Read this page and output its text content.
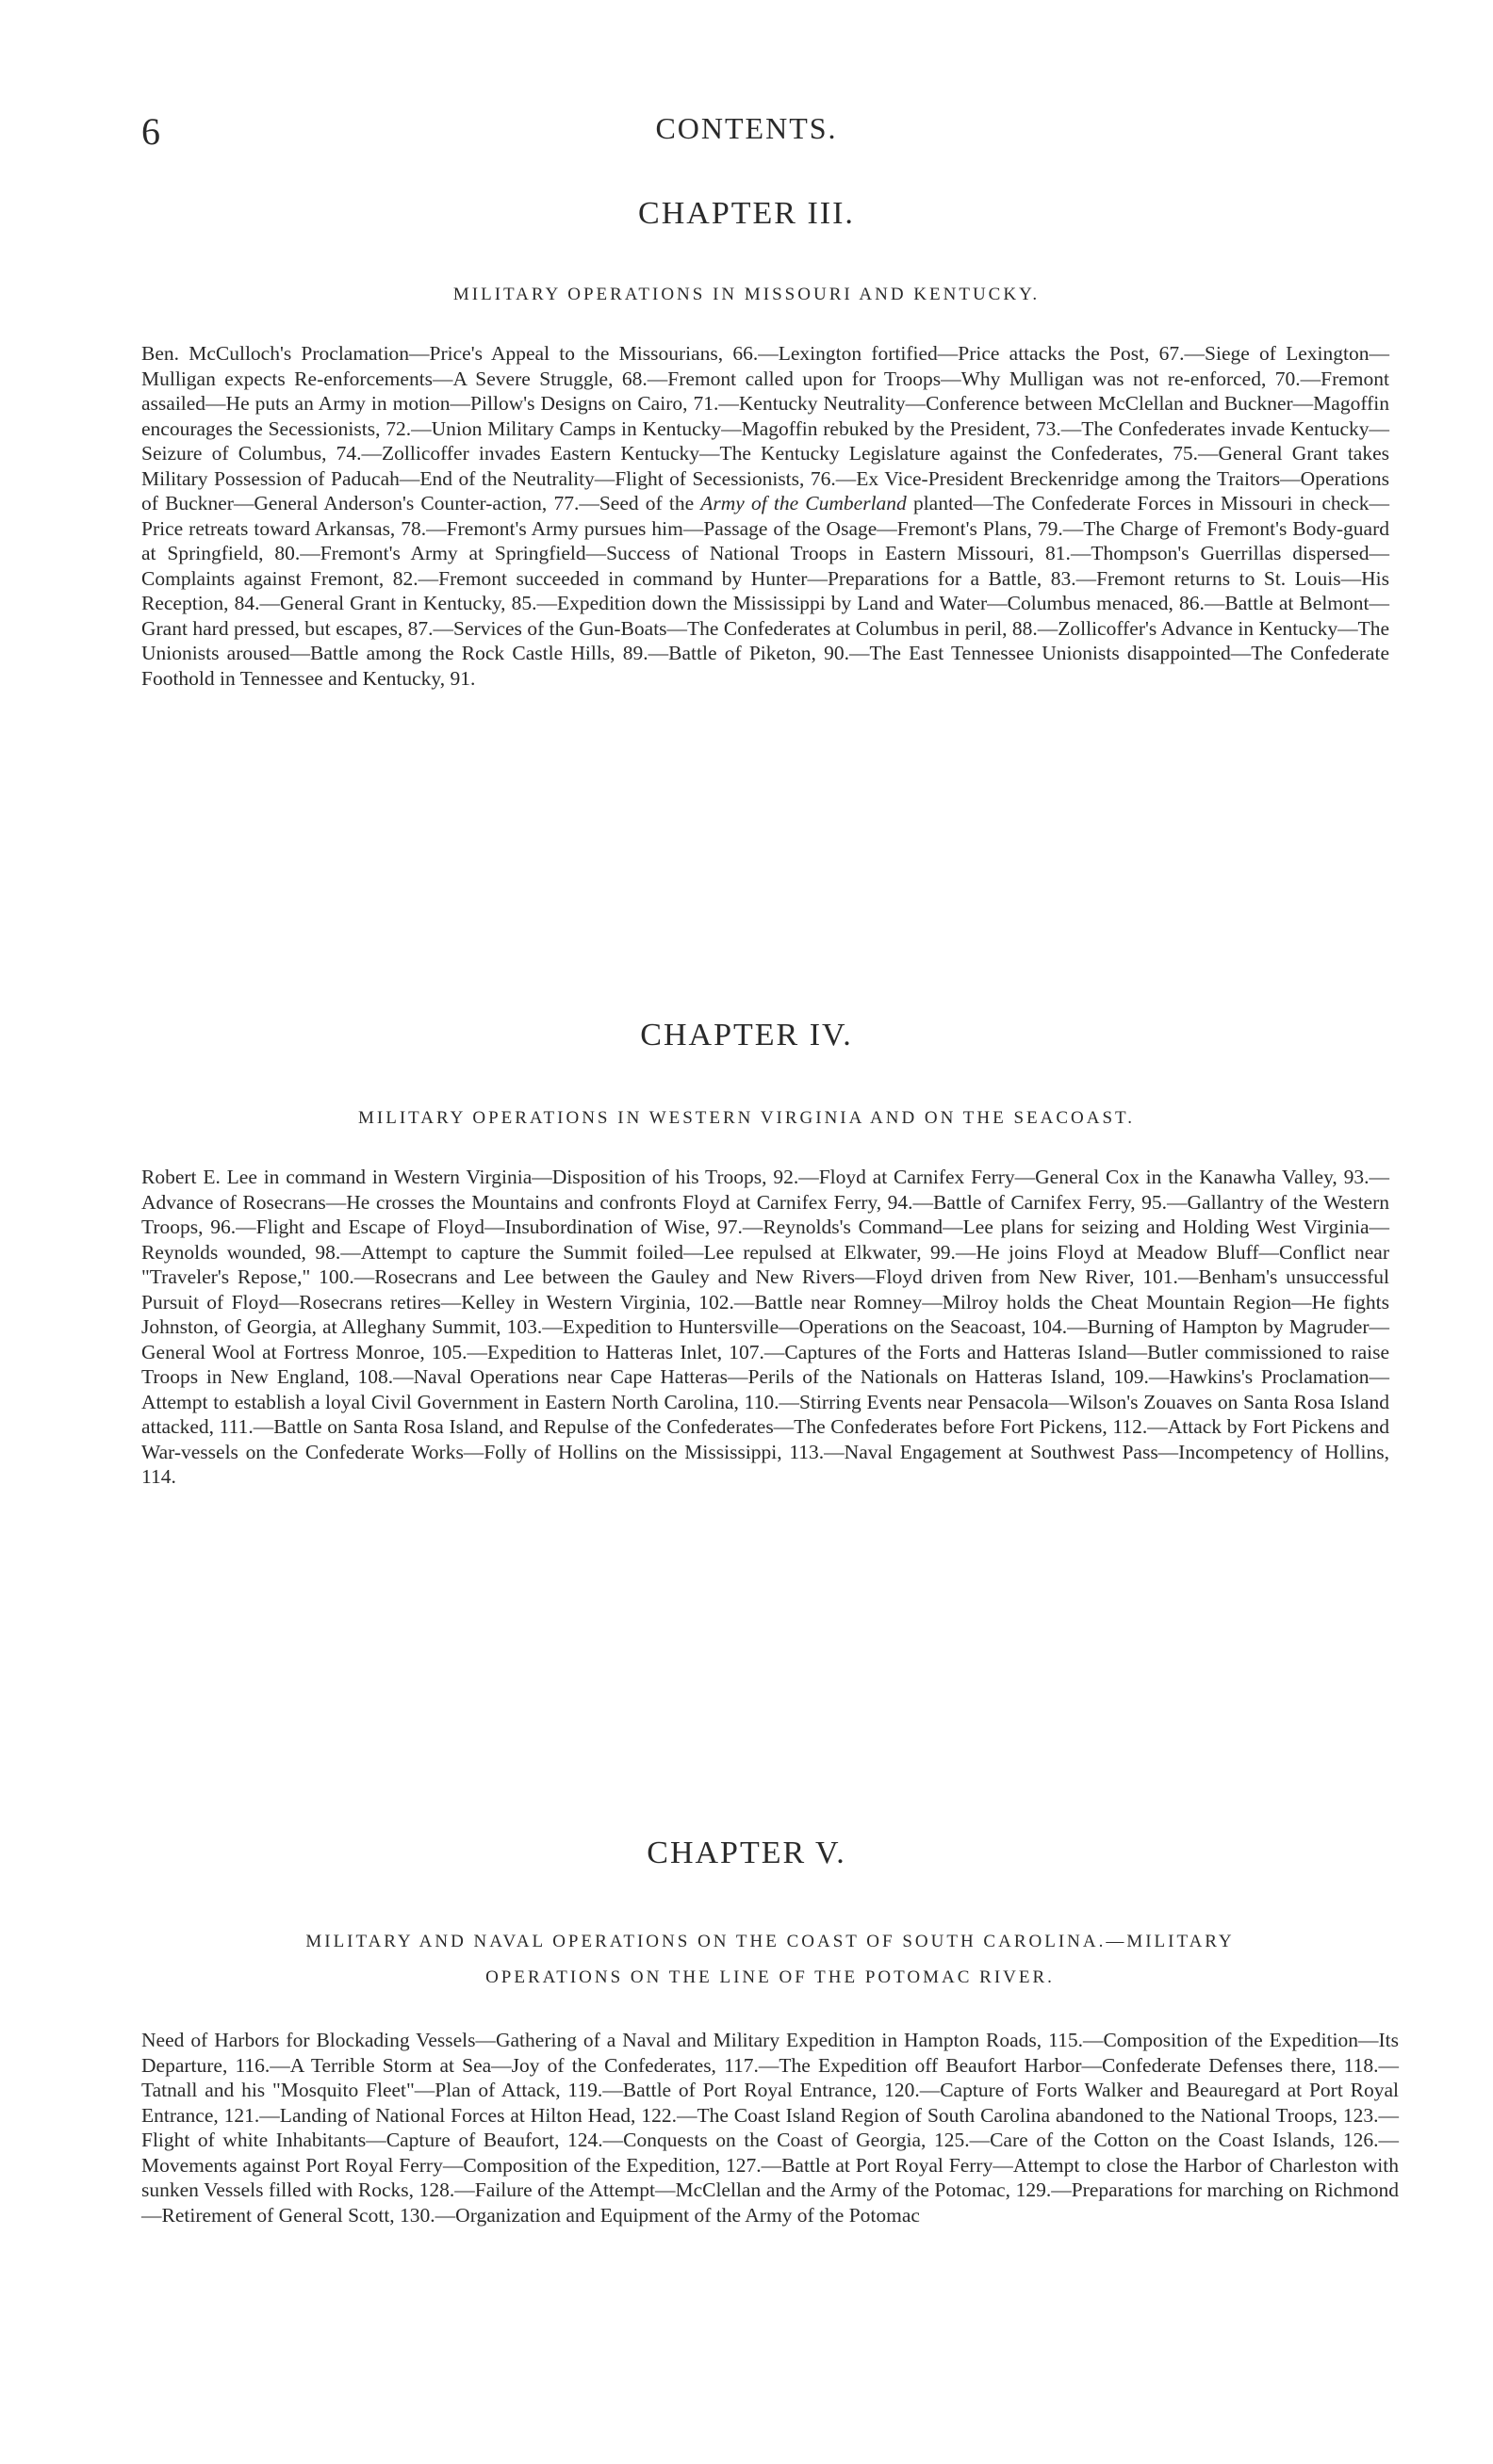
6	CONTENTS.
CHAPTER III.
MILITARY OPERATIONS IN MISSOURI AND KENTUCKY.

Ben. McCulloch's Proclamation—Price's Appeal to the Missourians, 66.—Lexington fortified—Price attacks the Post, 67.—Siege of Lexington—Mulligan expects Re-enforcements—A Severe Struggle, 68.—Fremont called upon for Troops—Why Mulligan was not re-enforced, 70.—Fremont assailed—He puts an Army in motion—Pillow's Designs on Cairo, 71.—Kentucky Neutrality—Conference between McClellan and Buckner—Magoffin encourages the Secessionists, 72.—Union Military Camps in Kentucky—Magoffin rebuked by the President, 73.—The Confederates invade Kentucky—Seizure of Columbus, 74.—Zollicoffer invades Eastern Kentucky—The Kentucky Legislature against the Confederates, 75.—General Grant takes Military Possession of Paducah—End of the Neutrality—Flight of Secessionists, 76.—Ex Vice-President Breckenridge among the Traitors—Operations of Buckner—General Anderson's Counter-action, 77.—Seed of the Army of the Cumberland planted—The Confederate Forces in Missouri in check—Price retreats toward Arkansas, 78.—Fremont's Army pursues him—Passage of the Osage—Fremont's Plans, 79.—The Charge of Fremont's Body-guard at Springfield, 80.—Fremont's Army at Springfield—Success of National Troops in Eastern Missouri, 81.—Thompson's Guerrillas dispersed—Complaints against Fremont, 82.—Fremont succeeded in command by Hunter—Preparations for a Battle, 83.—Fremont returns to St. Louis—His Reception, 84.—General Grant in Kentucky, 85.—Expedition down the Mississippi by Land and Water—Columbus menaced, 86.—Battle at Belmont—Grant hard pressed, but escapes, 87.—Services of the Gun-Boats—The Confederates at Columbus in peril, 88.—Zollicoffer's Advance in Kentucky—The Unionists aroused—Battle among the Rock Castle Hills, 89.—Battle of Piketon, 90.—The East Tennessee Unionists disappointed—The Confederate Foothold in Tennessee and Kentucky, 91.

CHAPTER IV.
MILITARY OPERATIONS IN WESTERN VIRGINIA AND ON THE SEACOAST.

Robert E. Lee in command in Western Virginia—Disposition of his Troops, 92.—Floyd at Carnifex Ferry—General Cox in the Kanawha Valley, 93.—Advance of Rosecrans—He crosses the Mountains and confronts Floyd at Carnifex Ferry, 94.—Battle of Carnifex Ferry, 95.—Gallantry of the Western Troops, 96.—Flight and Escape of Floyd—Insubordination of Wise, 97.—Reynolds's Command—Lee plans for seizing and Holding West Virginia—Reynolds wounded, 98.—Attempt to capture the Summit foiled—Lee repulsed at Elkwater, 99.—He joins Floyd at Meadow Bluff—Conflict near "Traveler's Repose," 100.—Rosecrans and Lee between the Gauley and New Rivers—Floyd driven from New River, 101.—Benham's unsuccessful Pursuit of Floyd—Rosecrans retires—Kelley in Western Virginia, 102.—Battle near Romney—Milroy holds the Cheat Mountain Region—He fights Johnston, of Georgia, at Alleghany Summit, 103.—Expedition to Huntersville—Operations on the Seacoast, 104.—Burning of Hampton by Magruder—General Wool at Fortress Monroe, 105.—Expedition to Hatteras Inlet, 107.—Captures of the Forts and Hatteras Island—Butler commissioned to raise Troops in New England, 108.—Naval Operations near Cape Hatteras—Perils of the Nationals on Hatteras Island, 109.—Hawkins's Proclamation—Attempt to establish a loyal Civil Government in Eastern North Carolina, 110.—Stirring Events near Pensacola—Wilson's Zouaves on Santa Rosa Island attacked, 111.—Battle on Santa Rosa Island, and Repulse of the Confederates—The Confederates before Fort Pickens, 112.—Attack by Fort Pickens and War-vessels on the Confederate Works—Folly of Hollins on the Mississippi, 113.—Naval Engagement at Southwest Pass—Incompetency of Hollins, 114.

CHAPTER V.
MILITARY AND NAVAL OPERATIONS ON THE COAST OF SOUTH CAROLINA.—MILITARY
OPERATIONS ON THE LINE OF THE POTOMAC RIVER.

Need of Harbors for Blockading Vessels—Gathering of a Naval and Military Expedition in Hampton Roads, 115.—Composition of the Expedition—Its Departure, 116.—A Terrible Storm at Sea—Joy of the Confederates, 117.—The Expedition off Beaufort Harbor—Confederate Defenses there, 118.—Tatnall and his "Mosquito Fleet"—Plan of Attack, 119.—Battle of Port Royal Entrance, 120.—Capture of Forts Walker and Beauregard at Port Royal Entrance, 121.—Landing of National Forces at Hilton Head, 122.—The Coast Island Region of South Carolina abandoned to the National Troops, 123.—Flight of white Inhabitants—Capture of Beaufort, 124.—Conquests on the Coast of Georgia, 125.—Care of the Cotton on the Coast Islands, 126.—Movements against Port Royal Ferry—Composition of the Expedition, 127.—Battle at Port Royal Ferry—Attempt to close the Harbor of Charleston with sunken Vessels filled with Rocks, 128.—Failure of the Attempt—McClellan and the Army of the Potomac, 129.—Preparations for marching on Richmond—Retirement of General Scott, 130.—Organization and Equipment of the Army of the Potomac
